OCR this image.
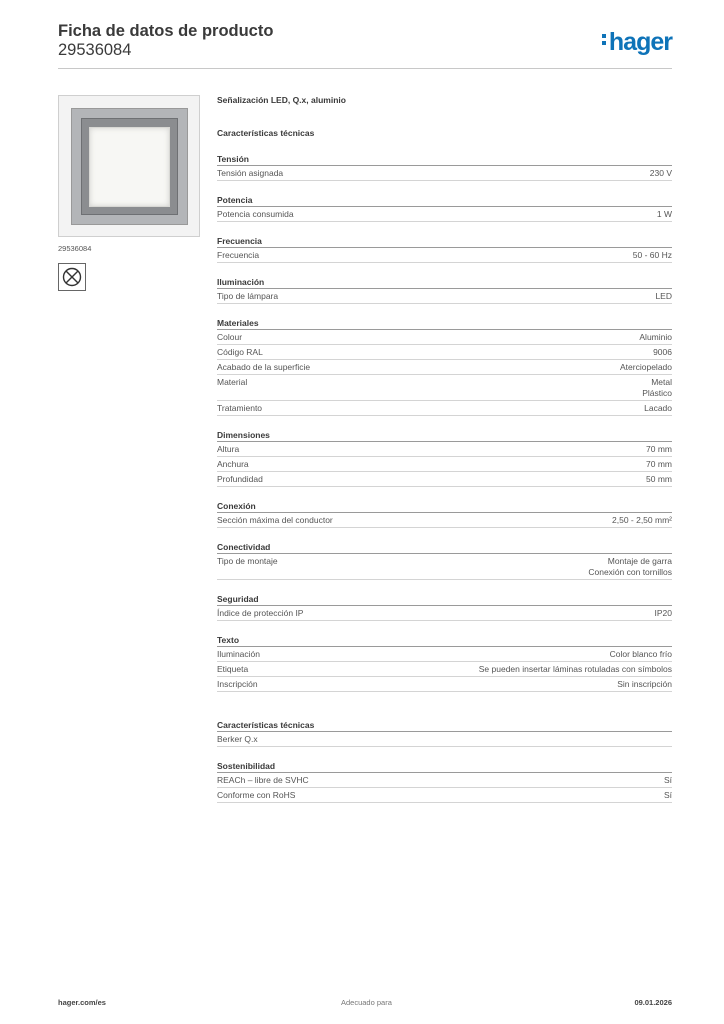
Ficha de datos de producto
29536084	hager
29536084
Señalización LED, Q.x, aluminio
Características técnicas
Tensión
Tensión asignada	230 V
Potencia
Potencia consumida	1 W
Frecuencia
Frecuencia	50 - 60 Hz
Iluminación
Tipo de lámpara	LED
Materiales
Colour	Aluminio
Código RAL	9006
Acabado de la superficie	Aterciopelado
Material	Metal
Plástico
Tratamiento	Lacado
Dimensiones
Altura	70 mm
Anchura	70 mm
Profundidad	50 mm
Conexión
Sección máxima del conductor	2,50 - 2,50 mm²
Conectividad
Tipo de montaje	Montaje de garra
Conexión con tornillos
Seguridad
Índice de protección IP	IP20
Texto
Iluminación	Color blanco frío
Etiqueta	Se pueden insertar láminas rotuladas con símbolos
Inscripción	Sin inscripción
Características técnicas
Berker Q.x
Sostenibilidad
REACh – libre de SVHC	Sí
Conforme con RoHS	Sí
hager.com/es	Adecuado para	09.01.2026
